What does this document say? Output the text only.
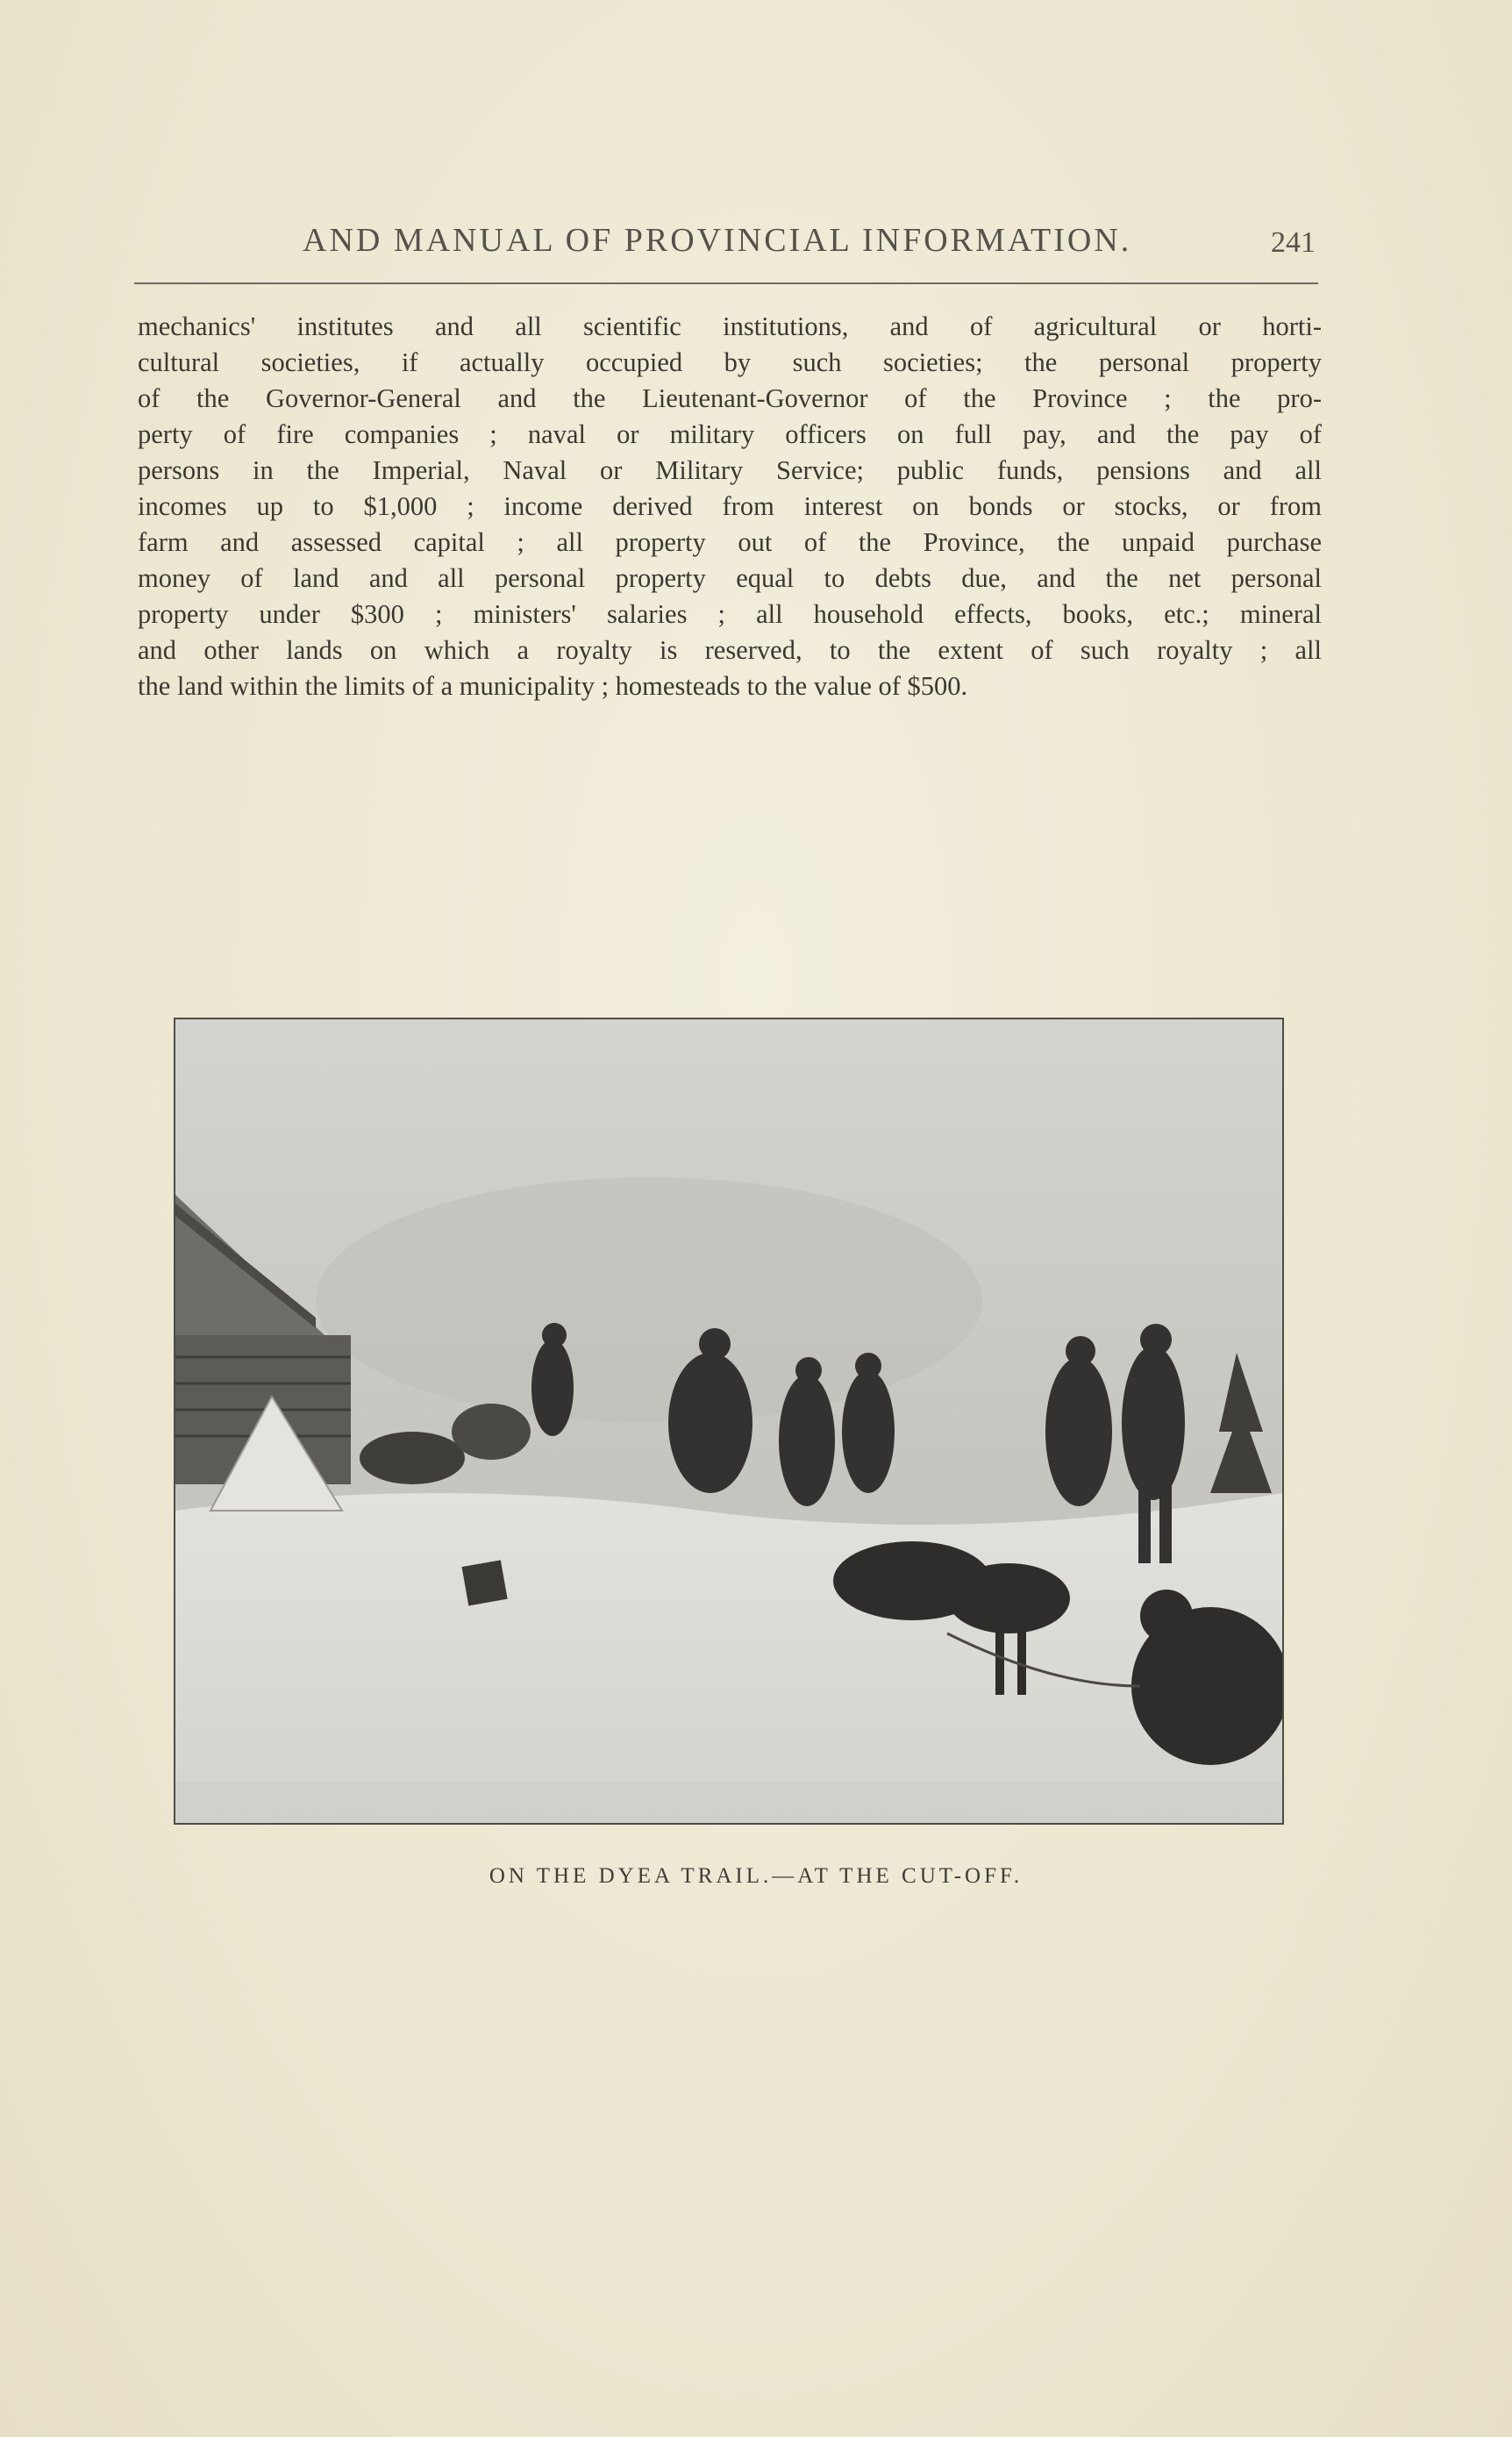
AND MANUAL OF PROVINCIAL INFORMATION.	241
mechanics' institutes and all scientific institutions, and of agricultural or horti-
cultural societies, if actually occupied by such societies; the personal property
of the Governor-General and the Lieutenant-Governor of the Province ; the pro-
perty of fire companies ; naval or military officers on full pay, and the pay of
persons in the Imperial, Naval or Military Service; public funds, pensions and all
incomes up to $1,000 ; income derived from interest on bonds or stocks, or from
farm and assessed capital ; all property out of the Province, the unpaid purchase
money of land and all personal property equal to debts due, and the net personal
property under $300 ; ministers' salaries ; all household effects, books, etc.; mineral
and other lands on which a royalty is reserved, to the extent of such royalty ; all
the land within the limits of a municipality ; homesteads to the value of $500.
ON THE DYEA TRAIL.—AT THE CUT-OFF.
